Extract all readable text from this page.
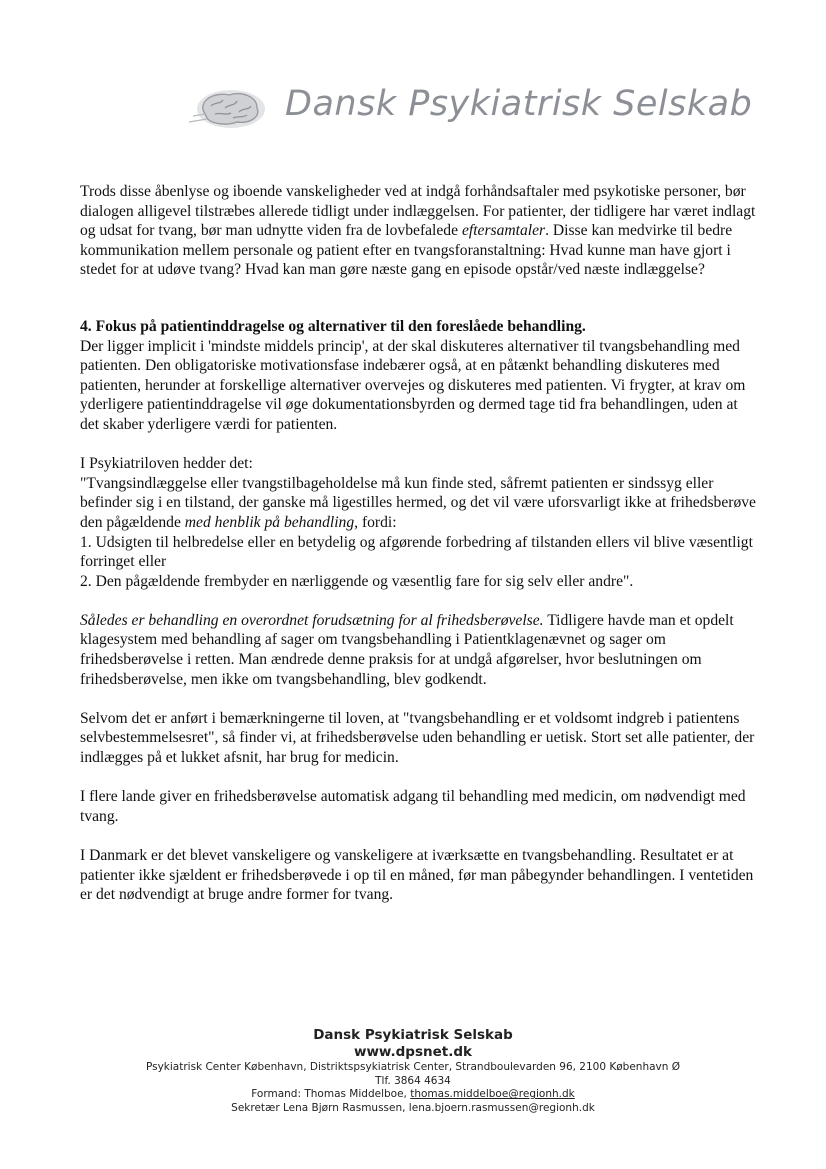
Dansk Psykiatrisk Selskab

Trods disse åbenlyse og iboende vanskeligheder ved at indgå forhåndsaftaler med psykotiske personer, bør dialogen alligevel tilstræbes allerede tidligt under indlæggelsen. For patienter, der tidligere har været indlagt og udsat for tvang, bør man udnytte viden fra de lovbefalede eftersamtaler. Disse kan medvirke til bedre kommunikation mellem personale og patient efter en tvangsforanstaltning: Hvad kunne man have gjort i stedet for at udøve tvang? Hvad kan man gøre næste gang en episode opstår/ved næste indlæggelse?

4. Fokus på patientinddragelse og alternativer til den foreslåede behandling.

Der ligger implicit i 'mindste middels princip', at der skal diskuteres alternativer til tvangsbehandling med patienten. Den obligatoriske motivationsfase indebærer også, at en påtænkt behandling diskuteres med patienten, herunder at forskellige alternativer overvejes og diskuteres med patienten. Vi frygter, at krav om yderligere patientinddragelse vil øge dokumentationsbyrden og dermed tage tid fra behandlingen, uden at det skaber yderligere værdi for patienten.

I Psykiatriloven hedder det:
"Tvangsindlæggelse eller tvangstilbageholdelse må kun finde sted, såfremt patienten er sindssyg eller befinder sig i en tilstand, der ganske må ligestilles hermed, og det vil være uforsvarligt ikke at frihedsberøve den pågældende med henblik på behandling, fordi:
1. Udsigten til helbredelse eller en betydelig og afgørende forbedring af tilstanden ellers vil blive væsentligt forringet eller
2. Den pågældende frembyder en nærliggende og væsentlig fare for sig selv eller andre".

Således er behandling en overordnet forudsætning for al frihedsberøvelse. Tidligere havde man et opdelt klagesystem med behandling af sager om tvangsbehandling i Patientklagenævnet og sager om frihedsberøvelse i retten. Man ændrede denne praksis for at undgå afgørelser, hvor beslutningen om frihedsberøvelse, men ikke om tvangsbehandling, blev godkendt.

Selvom det er anført i bemærkningerne til loven, at "tvangsbehandling er et voldsomt indgreb i patientens selvbestemmelsesret", så finder vi, at frihedsberøvelse uden behandling er uetisk. Stort set alle patienter, der indlægges på et lukket afsnit, har brug for medicin.

I flere lande giver en frihedsberøvelse automatisk adgang til behandling med medicin, om nødvendigt med tvang.

I Danmark er det blevet vanskeligere og vanskeligere at iværksætte en tvangsbehandling. Resultatet er at patienter ikke sjældent er frihedsberøvede i op til en måned, før man påbegynder behandlingen. I ventetiden er det nødvendigt at bruge andre former for tvang.

Dansk Psykiatrisk Selskab
www.dpsnet.dk
Psykiatrisk Center København, Distriktspsykiatrisk Center, Strandboulevarden 96, 2100 København Ø
Tlf. 3864 4634
Formand: Thomas Middelboe, thomas.middelboe@regionh.dk
Sekretær Lena Bjørn Rasmussen, lena.bjoern.rasmussen@regionh.dk
